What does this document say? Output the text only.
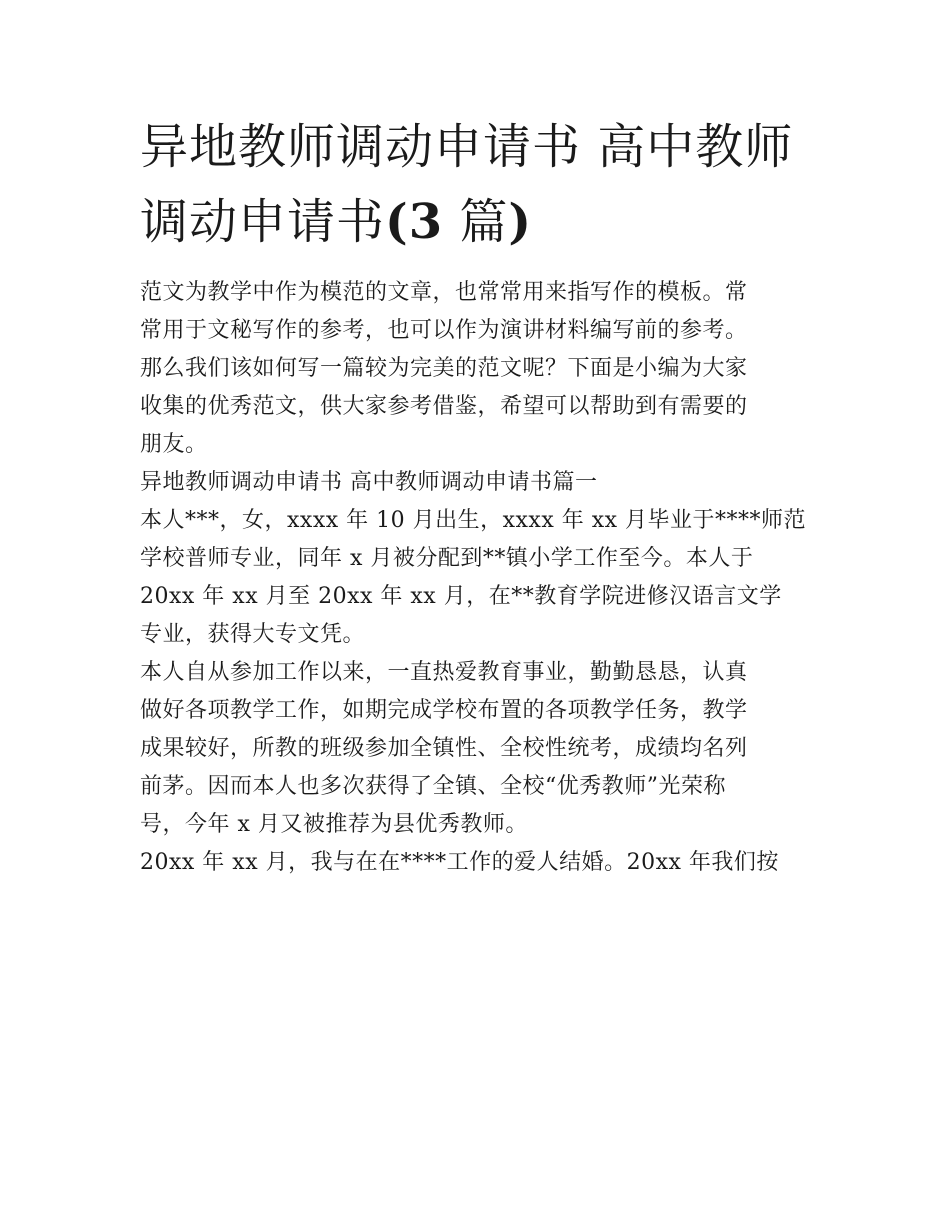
异地教师调动申请书 高中教师
调动申请书(3 篇)
范文为教学中作为模范的文章，也常常用来指写作的模板。常
常用于文秘写作的参考，也可以作为演讲材料编写前的参考。
那么我们该如何写一篇较为完美的范文呢？下面是小编为大家
收集的优秀范文，供大家参考借鉴，希望可以帮助到有需要的
朋友。
异地教师调动申请书 高中教师调动申请书篇一
本人***，女，xxxx 年 10 月出生，xxxx 年 xx 月毕业于****师范
学校普师专业，同年 x 月被分配到**镇小学工作至今。本人于
20xx 年 xx 月至 20xx 年 xx 月，在**教育学院进修汉语言文学
专业，获得大专文凭。
本人自从参加工作以来，一直热爱教育事业，勤勤恳恳，认真
做好各项教学工作，如期完成学校布置的各项教学任务，教学
成果较好，所教的班级参加全镇性、全校性统考，成绩均名列
前茅。因而本人也多次获得了全镇、全校“优秀教师”光荣称
号，今年 x 月又被推荐为县优秀教师。
20xx 年 xx 月，我与在在****工作的爱人结婚。20xx 年我们按
